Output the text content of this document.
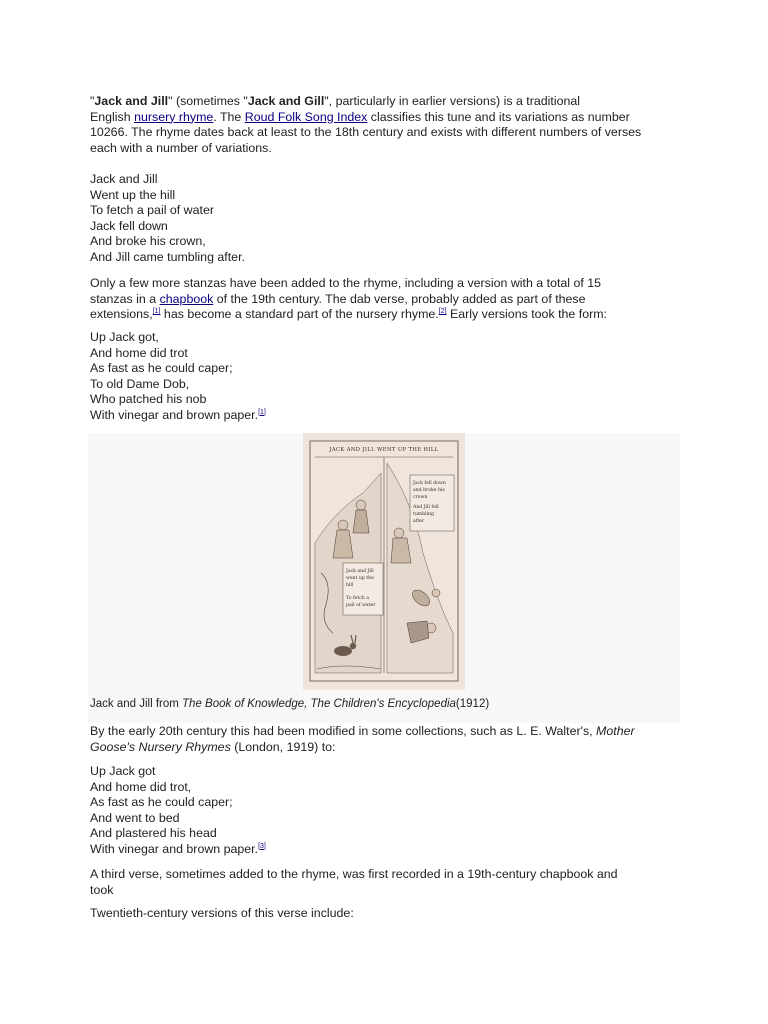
"Jack and Jill" (sometimes "Jack and Gill", particularly in earlier versions) is a traditional
English nursery rhyme. The Roud Folk Song Index classifies this tune and its variations as number
10266. The rhyme dates back at least to the 18th century and exists with different numbers of verses
each with a number of variations.

Jack and Jill
Went up the hill
To fetch a pail of water
Jack fell down
And broke his crown,
And Jill came tumbling after.

Only a few more stanzas have been added to the rhyme, including a version with a total of 15
stanzas in a chapbook of the 19th century. The dab verse, probably added as part of these
extensions,[1] has become a standard part of the nursery rhyme.[2] Early versions took the form:

Up Jack got,
And home did trot
As fast as he could caper;
To old Dame Dob,
Who patched his nob
With vinegar and brown paper.[1]
JACK AND JILL WENT UP THE HILL
Jack and Jill
went up the
hill
To fetch a
pail of water
Jack fell down
and broke his
crown
And Jill fell
tumbling
after
Jack and Jill from The Book of Knowledge, The Children's Encyclopedia(1912)

By the early 20th century this had been modified in some collections, such as L. E. Walter's, Mother
Goose's Nursery Rhymes (London, 1919) to:

Up Jack got
And home did trot,
As fast as he could caper;
And went to bed
And plastered his head
With vinegar and brown paper.[3]

A third verse, sometimes added to the rhyme, was first recorded in a 19th-century chapbook and
took

Twentieth-century versions of this verse include:
